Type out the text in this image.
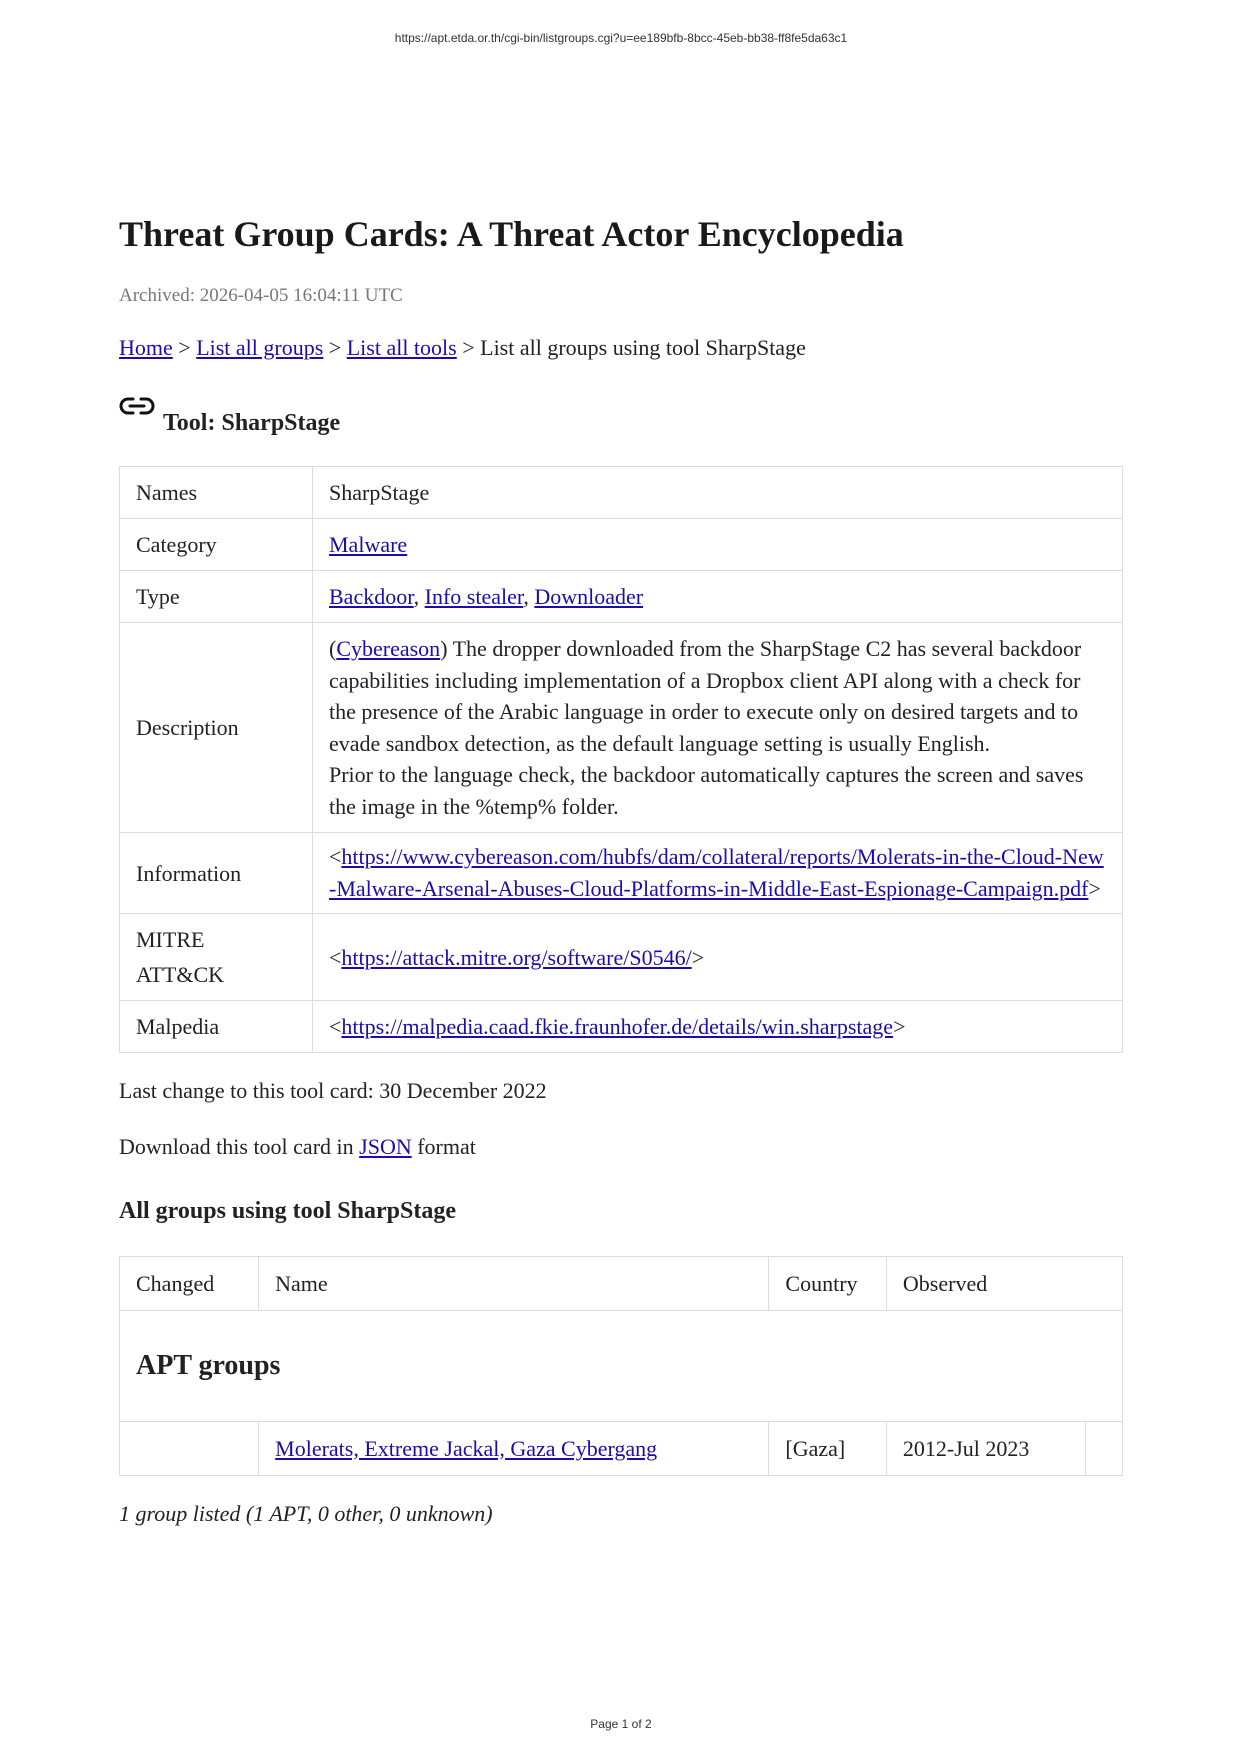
https://apt.etda.or.th/cgi-bin/listgroups.cgi?u=ee189bfb-8bcc-45eb-bb38-ff8fe5da63c1
Threat Group Cards: A Threat Actor Encyclopedia
Archived: 2026-04-05 16:04:11 UTC
Home > List all groups > List all tools > List all groups using tool SharpStage
Tool: SharpStage
Names	SharpStage
Category	Malware
Type	Backdoor, Info stealer, Downloader
Description	(Cybereason) The dropper downloaded from the SharpStage C2 has several backdoor capabilities including implementation of a Dropbox client API along with a check for the presence of the Arabic language in order to execute only on desired targets and to evade sandbox detection, as the default language setting is usually English.
Prior to the language check, the backdoor automatically captures the screen and saves the image in the %temp% folder.
Information	<https://www.cybereason.com/hubfs/dam/collateral/reports/Molerats-in-the-Cloud-New-Malware-Arsenal-Abuses-Cloud-Platforms-in-Middle-East-Espionage-Campaign.pdf>
MITRE ATT&CK	<https://attack.mitre.org/software/S0546/>
Malpedia	<https://malpedia.caad.fkie.fraunhofer.de/details/win.sharpstage>
Last change to this tool card: 30 December 2022
Download this tool card in JSON format
All groups using tool SharpStage
Changed	Name	Country	Observed	
APT groups				
	Molerats, Extreme Jackal, Gaza Cybergang	[Gaza]	2012-Jul 2023	
1 group listed (1 APT, 0 other, 0 unknown)
Page 1 of 2
